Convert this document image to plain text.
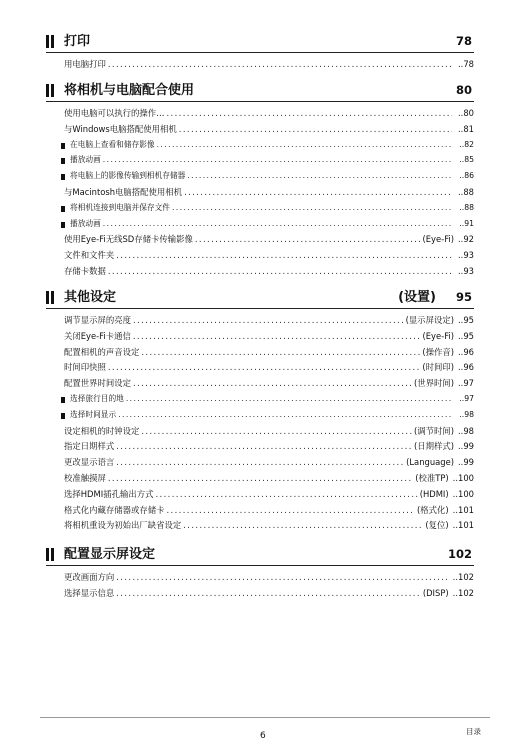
打印	78
用电脑打印 .....	.. 78
将相机与电脑配合使用	80
使用电脑可以执行的操作… .....	.. 80
与Windows电脑搭配使用相机 .....	.. 81
在电脑上查看和储存影像 .....	.. 82
播放动画 .....	.. 85
将电脑上的影像传输到相机存储器 .....	.. 86
与Macintosh电脑搭配使用相机 .....	.. 88
将相机连接到电脑并保存文件 .....	.. 88
播放动画 .....	.. 91
使用Eye-Fi无线SD存储卡传输影像 .....	(Eye-Fi) .. 92
文件和文件夹 .....	.. 93
存储卡数据 .....	.. 93
其他设定	(设置) 95
调节显示屏的亮度 .....	(显示屏设定) .. 95
关闭Eye-Fi卡通信 .....	(Eye-Fi) .. 95
配置相机的声音设定 .....	(操作音) .. 96
时间印快照 .....	(时间印) .. 96
配置世界时间设定 .....	(世界时间) .. 97
选择旅行目的地 .....	.. 97
选择时间显示 .....	.. 98
设定相机的时钟设定 .....	(调节时间) .. 98
指定日期样式 .....	(日期样式) .. 99
更改显示语言 .....	(Language) .. 99
校准触摸屏 .....	(校准TP) .. 100
选择HDMI插孔输出方式 .....	(HDMI) .. 100
格式化内藏存储器或存储卡 .....	(格式化) .. 101
将相机重设为初始出厂缺省设定 .....	(复位) .. 101
配置显示屏设定	102
更改画面方向 .....	.. 102
选择显示信息 .....	(DISP) .. 102
6	目录
